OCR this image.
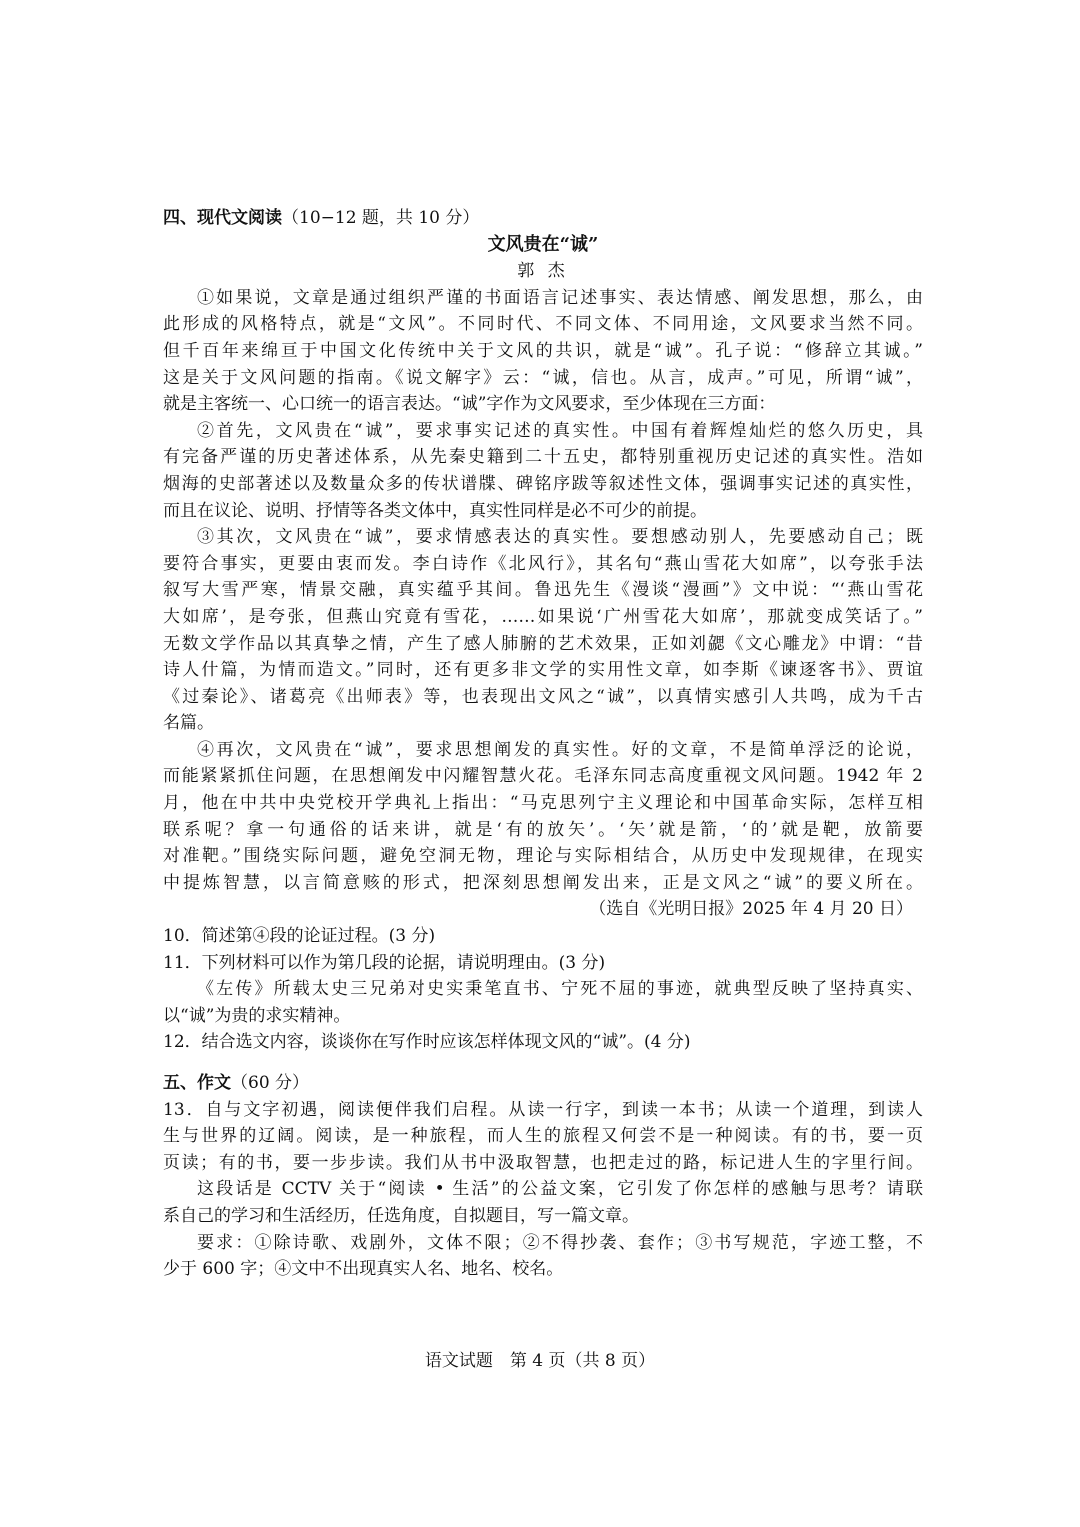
四、现代文阅读（10−12 题，共 10 分）
文风贵在“诚”
郭 杰
①如果说，文章是通过组织严谨的书面语言记述事实、表达情感、阐发思想，那么，由
此形成的风格特点，就是“文风”。不同时代、不同文体、不同用途，文风要求当然不同。
但千百年来绵亘于中国文化传统中关于文风的共识，就是“诚”。孔子说：“修辞立其诚。”
这是关于文风问题的指南。《说文解字》云：“诚，信也。从言，成声。”可见，所谓“诚”，
就是主客统一、心口统一的语言表达。“诚”字作为文风要求，至少体现在三方面：
②首先，文风贵在“诚”，要求事实记述的真实性。中国有着辉煌灿烂的悠久历史，具
有完备严谨的历史著述体系，从先秦史籍到二十五史，都特别重视历史记述的真实性。浩如
烟海的史部著述以及数量众多的传状谱牒、碑铭序跋等叙述性文体，强调事实记述的真实性，
而且在议论、说明、抒情等各类文体中，真实性同样是必不可少的前提。
③其次，文风贵在“诚”，要求情感表达的真实性。要想感动别人，先要感动自己；既
要符合事实，更要由衷而发。李白诗作《北风行》，其名句“燕山雪花大如席”，以夸张手法
叙写大雪严寒，情景交融，真实蕴乎其间。鲁迅先生《漫谈“漫画”》文中说：“‘燕山雪花
大如席’，是夸张，但燕山究竟有雪花，……如果说‘广州雪花大如席’，那就变成笑话了。”
无数文学作品以其真挚之情，产生了感人肺腑的艺术效果，正如刘勰《文心雕龙》中谓：“昔
诗人什篇，为情而造文。”同时，还有更多非文学的实用性文章，如李斯《谏逐客书》、贾谊
《过秦论》、诸葛亮《出师表》等，也表现出文风之“诚”，以真情实感引人共鸣，成为千古
名篇。
④再次，文风贵在“诚”，要求思想阐发的真实性。好的文章，不是简单浮泛的论说，
而能紧紧抓住问题，在思想阐发中闪耀智慧火花。毛泽东同志高度重视文风问题。1942 年 2
月，他在中共中央党校开学典礼上指出：“马克思列宁主义理论和中国革命实际，怎样互相
联系呢？拿一句通俗的话来讲，就是‘有的放矢’。‘矢’就是箭，‘的’就是靶，放箭要
对准靶。”围绕实际问题，避免空洞无物，理论与实际相结合，从历史中发现规律，在现实
中提炼智慧，以言简意赅的形式，把深刻思想阐发出来，正是文风之“诚”的要义所在。
（选自《光明日报》2025 年 4 月 20 日）
10．简述第④段的论证过程。(3 分)
11．下列材料可以作为第几段的论据，请说明理由。(3 分)
《左传》所载太史三兄弟对史实秉笔直书、宁死不屈的事迹，就典型反映了坚持真实、
以“诚”为贵的求实精神。
12．结合选文内容，谈谈你在写作时应该怎样体现文风的“诚”。(4 分)
五、作文（60 分）
13．自与文字初遇，阅读便伴我们启程。从读一行字，到读一本书；从读一个道理，到读人
生与世界的辽阔。阅读，是一种旅程，而人生的旅程又何尝不是一种阅读。有的书，要一页
页读；有的书，要一步步读。我们从书中汲取智慧，也把走过的路，标记进人生的字里行间。
这段话是 CCTV 关于“阅读 • 生活”的公益文案，它引发了你怎样的感触与思考？请联
系自己的学习和生活经历，任选角度，自拟题目，写一篇文章。
要求：①除诗歌、戏剧外，文体不限；②不得抄袭、套作；③书写规范，字迹工整，不
少于 600 字；④文中不出现真实人名、地名、校名。
语文试题　第 4 页（共 8 页）
